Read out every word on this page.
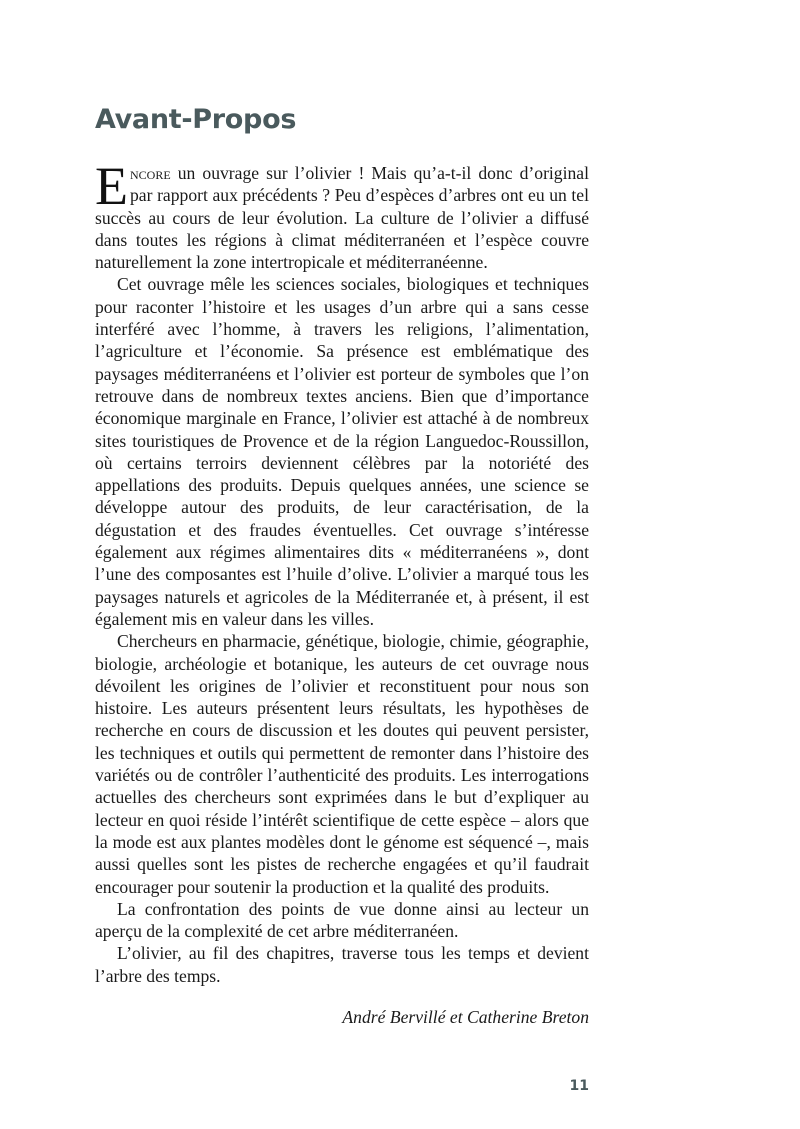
Avant-Propos

Encore un ouvrage sur l’olivier ! Mais qu’a-t-il donc d’original par rapport aux précédents ? Peu d’espèces d’arbres ont eu un tel succès au cours de leur évolution. La culture de l’olivier a diffusé dans toutes les régions à climat méditerranéen et l’espèce couvre naturellement la zone intertropicale et méditerranéenne.

Cet ouvrage mêle les sciences sociales, biologiques et techniques pour raconter l’histoire et les usages d’un arbre qui a sans cesse interféré avec l’homme, à travers les religions, l’alimentation, l’agriculture et l’économie. Sa présence est emblématique des paysages méditerranéens et l’olivier est porteur de symboles que l’on retrouve dans de nombreux textes anciens. Bien que d’importance économique marginale en France, l’olivier est attaché à de nombreux sites touristiques de Provence et de la région Languedoc-Roussillon, où certains terroirs deviennent célèbres par la notoriété des appellations des produits. Depuis quelques années, une science se développe autour des produits, de leur caractérisation, de la dégustation et des fraudes éventuelles. Cet ouvrage s’intéresse également aux régimes alimentaires dits « méditerranéens », dont l’une des composantes est l’huile d’olive. L’olivier a marqué tous les paysages naturels et agricoles de la Méditerranée et, à présent, il est également mis en valeur dans les villes.

Chercheurs en pharmacie, génétique, biologie, chimie, géographie, biologie, archéologie et botanique, les auteurs de cet ouvrage nous dévoilent les origines de l’olivier et reconstituent pour nous son histoire. Les auteurs présentent leurs résultats, les hypothèses de recherche en cours de discussion et les doutes qui peuvent persister, les techniques et outils qui permettent de remonter dans l’histoire des variétés ou de contrôler l’authenticité des produits. Les interrogations actuelles des chercheurs sont exprimées dans le but d’expliquer au lecteur en quoi réside l’intérêt scientifique de cette espèce – alors que la mode est aux plantes modèles dont le génome est séquencé –, mais aussi quelles sont les pistes de recherche engagées et qu’il faudrait encourager pour soutenir la production et la qualité des produits.

La confrontation des points de vue donne ainsi au lecteur un aperçu de la complexité de cet arbre méditerranéen.

L’olivier, au fil des chapitres, traverse tous les temps et devient l’arbre des temps.

André Bervillé et Catherine Breton
11
